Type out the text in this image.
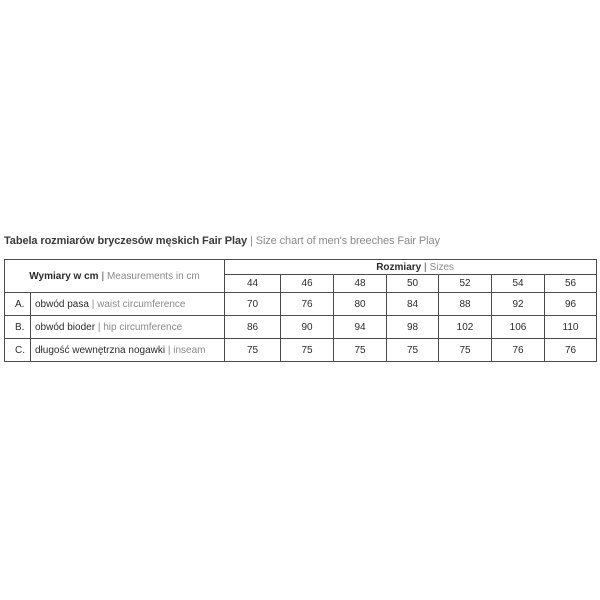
Tabela rozmiarów bryczesów męskich Fair Play | Size chart of men's breeches Fair Play
Wymiary w cm | Measurements in cm		Rozmiary | Sizes						
		44	46	48	50	52	54	56
A.	obwód pasa | waist circumference	70	76	80	84	88	92	96
B.	obwód bioder | hip circumference	86	90	94	98	102	106	110
C.	długość wewnętrzna nogawki | inseam	75	75	75	75	75	76	76
